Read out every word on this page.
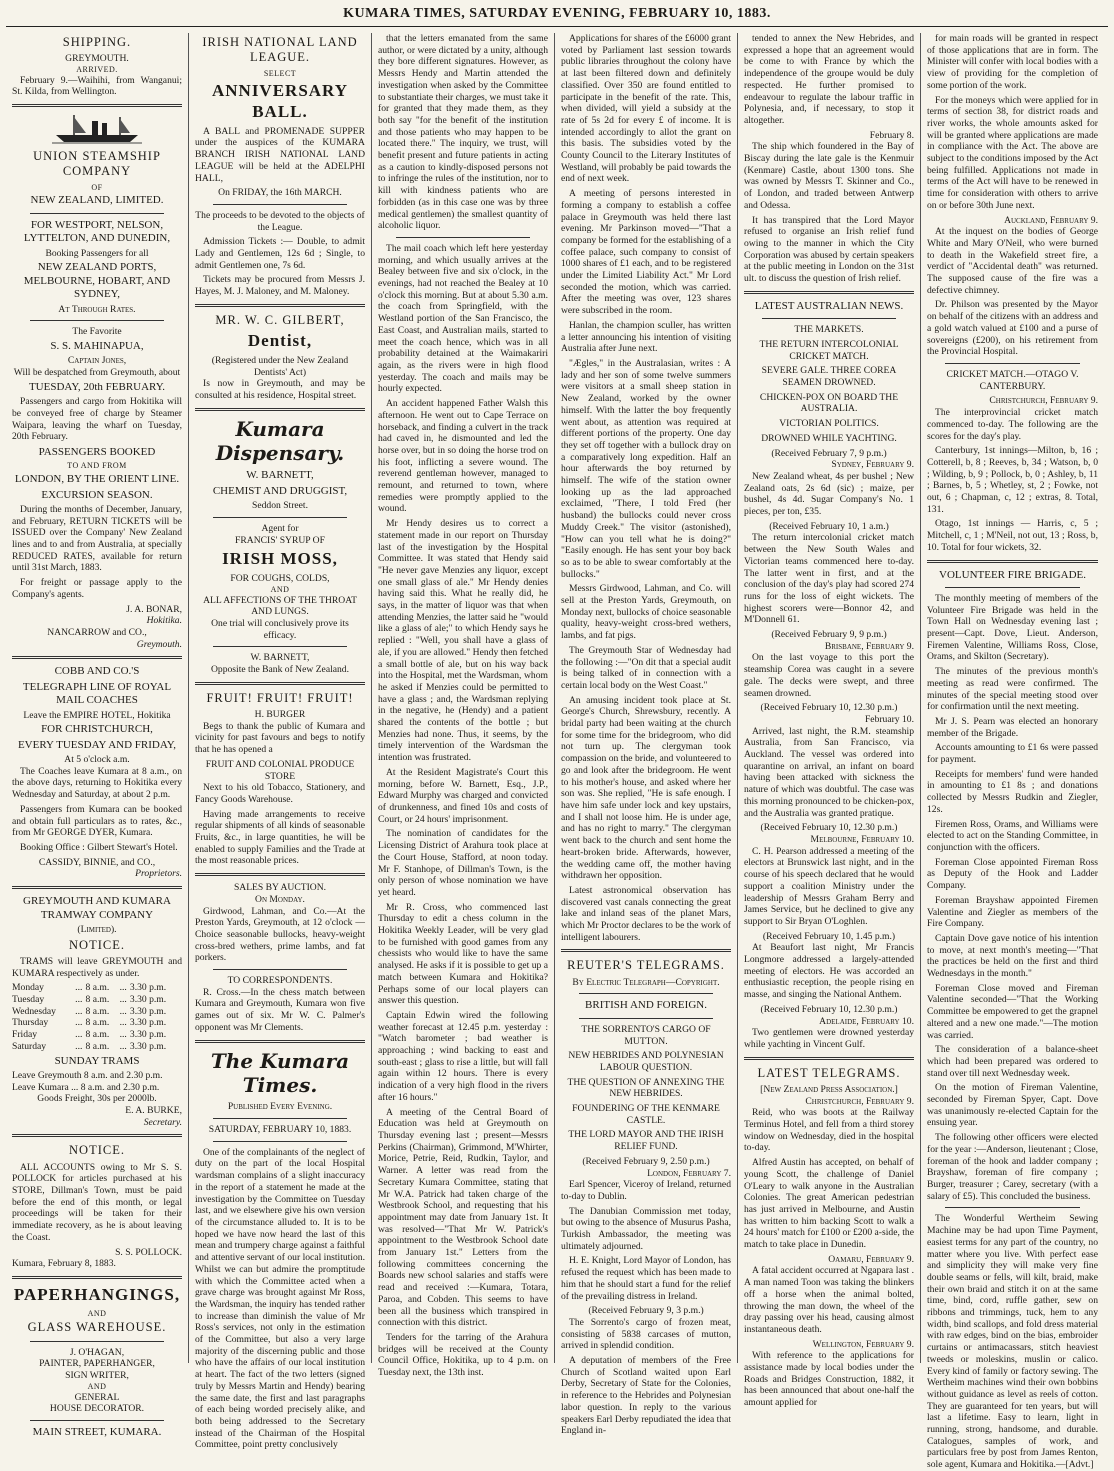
KUMARA TIMES, SATURDAY EVENING, FEBRUARY 10, 1883.
SHIPPING.
GREYMOUTH.
ARRIVED.

February 9.—Waihihi, from Wanganui; St. Kilda, from Wellington.

UNION STEAMSHIP COMPANY
OF
NEW ZEALAND, LIMITED.
FOR WESTPORT, NELSON, LYTTELTON, AND DUNEDIN,
Booking Passengers for all
NEW ZEALAND PORTS, MELBOURNE, HOBART, AND SYDNEY,
At Through Rates.
The Favorite
S. S. MAHINAPUA,
Captain Jones,
Will be despatched from Greymouth, about
TUESDAY, 20th FEBRUARY.

Passengers and cargo from Hokitika will be conveyed free of charge by Steamer Waipara, leaving the wharf on Tuesday, 20th February.

PASSENGERS BOOKED
TO AND FROM
LONDON, BY THE ORIENT LINE.
EXCURSION SEASON.

During the months of December, January, and February, RETURN TICKETS will be ISSUED over the Company' New Zealand lines and to and from Australia, at specially REDUCED RATES, available for return until 31st March, 1883.

For freight or passage apply to the Company's agents.

J. A. BONAR,
Hokitika.
NANCARROW and CO.,
Greymouth.
COBB AND CO.'S
TELEGRAPH LINE OF ROYAL MAIL COACHES
Leave the EMPIRE HOTEL, Hokitika
FOR CHRISTCHURCH,
EVERY TUESDAY AND FRIDAY,
At 5 o'clock a.m.

The Coaches leave Kumara at 8 a.m., on the above days, returning to Hokitika every Wednesday and Saturday, at about 2 p.m.

Passengers from Kumara can be booked and obtain full particulars as to rates, &c., from Mr GEORGE DYER, Kumara.

Booking Office : Gilbert Stewart's Hotel.

CASSIDY, BINNIE, and CO.,
Proprietors.
GREYMOUTH AND KUMARA TRAMWAY COMPANY
(Limited).
NOTICE.

TRAMS will leave GREYMOUTH and KUMARA respectively as under.

Monday	...	8 a.m.	...	3.30 p.m.
Tuesday	...	8 a.m.	...	3.30 p.m.
Wednesday	...	8 a.m.	...	3.30 p.m.
Thursday	...	8 a.m.	...	3.30 p.m.
Friday	...	8 a.m.	...	3.30 p.m.
Saturday	...	8 a.m.	...	3.30 p.m.
SUNDAY TRAMS
Leave Greymouth 8 a.m. and 2.30 p.m.
Leave Kumara ... 8 a.m. and 2.30 p.m.
Goods Freight, 30s per 2000lb.
E. A. BURKE,
Secretary.
NOTICE.

ALL ACCOUNTS owing to Mr S. S. POLLOCK for articles purchased at his STORE, Dillman's Town, must be paid before the end of this month, or legal proceedings will be taken for their immediate recovery, as he is about leaving the Coast.

S. S. POLLOCK.
Kumara, February 8, 1883.
PAPERHANGINGS,
AND
GLASS WAREHOUSE.
J. O'HAGAN,
PAINTER, PAPERHANGER,
SIGN WRITER,
AND
GENERAL
HOUSE DECORATOR.
MAIN STREET, KUMARA.
IRISH NATIONAL LAND LEAGUE.
SELECT
ANNIVERSARY BALL.

A BALL and PROMENADE SUPPER under the auspices of the KUMARA BRANCH IRISH NATIONAL LAND LEAGUE will be held at the ADELPHI HALL,

On FRIDAY, the 16th MARCH.

The proceeds to be devoted to the objects of the League.

Admission Tickets :— Double, to admit Lady and Gentlemen, 12s 6d ; Single, to admit Gentlemen one, 7s 6d.

Tickets may be procured from Messrs J. Hayes, M. J. Maloney, and M. Maloney.

MR. W. C. GILBERT,
Dentist,
(Registered under the New Zealand Dentists' Act)

Is now in Greymouth, and may be consulted at his residence, Hospital street.

Kumara Dispensary.
W. BARNETT,
CHEMIST AND DRUGGIST,
Seddon Street.
Agent for
FRANCIS' SYRUP OF
IRISH MOSS,
FOR COUGHS, COLDS,
AND
ALL AFFECTIONS OF THE THROAT AND LUNGS.
One trial will conclusively prove its efficacy.
W. BARNETT,
Opposite the Bank of New Zealand.
FRUIT! FRUIT! FRUIT!
H. BURGER

Begs to thank the public of Kumara and vicinity for past favours and begs to notify that he has opened a

FRUIT AND COLONIAL PRODUCE STORE

Next to his old Tobacco, Stationery, and Fancy Goods Warehouse.

Having made arrangements to receive regular shipments of all kinds of seasonable Fruits, &c., in large quantities, he will be enabled to supply Families and the Trade at the most reasonable prices.

SALES BY AUCTION.
On Monday.

Girdwood, Lahman, and Co.—At the Preston Yards, Greymouth, at 12 o'clock — Choice seasonable bullocks, heavy-weight cross-bred wethers, prime lambs, and fat porkers.

TO CORRESPONDENTS.

R. Cross.—In the chess match between Kumara and Greymouth, Kumara won five games out of six. Mr W. C. Palmer's opponent was Mr Clements.

The Kumara Times.
Published Every Evening.
SATURDAY, FEBRUARY 10, 1883.

One of the complainants of the neglect of duty on the part of the local Hospital wardsman complains of a slight inaccuracy in the report of a statement he made at the investigation by the Committee on Tuesday last, and we elsewhere give his own version of the circumstance alluded to. It is to be hoped we have now heard the last of this mean and trumpery charge against a faithful and attentive servant of our local institution. Whilst we can but admire the promptitude with which the Committee acted when a grave charge was brought against Mr Ross, the Wardsman, the inquiry has tended rather to increase than diminish the value of Mr Ross's services, not only in the estimation of the Committee, but also a very large majority of the discerning public and those who have the affairs of our local institution at heart. The fact of the two letters (signed truly by Messrs Martin and Hendy) bearing the same date, the first and last paragraphs of each being worded precisely alike, and both being addressed to the Secretary instead of the Chairman of the Hospital Committee, point pretty conclusively

that the letters emanated from the same author, or were dictated by a unity, although they bore different signatures. However, as Messrs Hendy and Martin attended the investigation when asked by the Committee to substantiate their charges, we must take it for granted that they made them, as they both say "for the benefit of the institution and those patients who may happen to be located there." The inquiry, we trust, will benefit present and future patients in acting as a caution to kindly-disposed persons not to infringe the rules of the institution, nor to kill with kindness patients who are forbidden (as in this case one was by three medical gentlemen) the smallest quantity of alcoholic liquor.

The mail coach which left here yesterday morning, and which usually arrives at the Bealey between five and six o'clock, in the evenings, had not reached the Bealey at 10 o'clock this morning. But at about 5.30 a.m. the coach from Springfield, with the Westland portion of the San Francisco, the East Coast, and Australian mails, started to meet the coach hence, which was in all probability detained at the Waimakariri again, as the rivers were in high flood yesterday. The coach and mails may be hourly expected.

An accident happened Father Walsh this afternoon. He went out to Cape Terrace on horseback, and finding a culvert in the track had caved in, he dismounted and led the horse over, but in so doing the horse trod on his foot, inflicting a severe wound. The reverend gentleman however, managed to remount, and returned to town, where remedies were promptly applied to the wound.

Mr Hendy desires us to correct a statement made in our report on Thursday last of the investigation by the Hospital Committee. It was stated that Hendy said "He never gave Menzies any liquor, except one small glass of ale." Mr Hendy denies having said this. What he really did, he says, in the matter of liquor was that when attending Menzies, the latter said he "would like a glass of ale;" to which Hendy says he replied : "Well, you shall have a glass of ale, if you are allowed." Hendy then fetched a small bottle of ale, but on his way back into the Hospital, met the Wardsman, whom he asked if Menzies could be permitted to have a glass ; and, the Wardsman replying in the negative, he (Hendy) and a patient shared the contents of the bottle ; but Menzies had none. Thus, it seems, by the timely intervention of the Wardsman the intention was frustrated.

At the Resident Magistrate's Court this morning, before W. Barnett, Esq., J.P., Edward Murphy was charged and convicted of drunkenness, and fined 10s and costs of Court, or 24 hours' imprisonment.

The nomination of candidates for the Licensing District of Arahura took place at the Court House, Stafford, at noon today. Mr F. Stanhope, of Dillman's Town, is the only person of whose nomination we have yet heard.

Mr R. Cross, who commenced last Thursday to edit a chess column in the Hokitika Weekly Leader, will be very glad to be furnished with good games from any chessists who would like to have the same analysed. He asks if it is possible to get up a match between Kumara and Hokitika? Perhaps some of our local players can answer this question.

Captain Edwin wired the following weather forecast at 12.45 p.m. yesterday : "Watch barometer ; bad weather is approaching ; wind backing to east and south-east ; glass to rise a little, but will fall again within 12 hours. There is every indication of a very high flood in the rivers after 16 hours."

A meeting of the Central Board of Education was held at Greymouth on Thursday evening last ; present—Messrs Perkins (Chairman), Grimmond, M'Whirter, Morice, Petrie, Reid, Rudkin, Taylor, and Warner. A letter was read from the Secretary Kumara Committee, stating that Mr W.A. Patrick had taken charge of the Westbrook School, and requesting that his appointment may date from January 1st. It was resolved—"That Mr W. Patrick's appointment to the Westbrook School date from January 1st." Letters from the following committees concerning the Boards new school salaries and staffs were read and received :—Kumara, Totara, Paroa, and Cobden. This seems to have been all the business which transpired in connection with this district.

Tenders for the tarring of the Arahura bridges will be received at the County Council Office, Hokitika, up to 4 p.m. on Tuesday next, the 13th inst.

Applications for shares of the £6000 grant voted by Parliament last session towards public libraries throughout the colony have at last been filtered down and definitely classified. Over 350 are found entitled to participate in the benefit of the rate. This, when divided, will yield a subsidy at the rate of 5s 2d for every £ of income. It is intended accordingly to allot the grant on this basis. The subsidies voted by the County Council to the Literary Institutes of Westland, will probably be paid towards the end of next week.

A meeting of persons interested in forming a company to establish a coffee palace in Greymouth was held there last evening. Mr Parkinson moved—"That a company be formed for the establishing of a coffee palace, such company to consist of 1000 shares of £1 each, and to be registered under the Limited Liability Act." Mr Lord seconded the motion, which was carried. After the meeting was over, 123 shares were subscribed in the room.

Hanlan, the champion sculler, has written a letter announcing his intention of visiting Australia after June next.

"Ægles," in the Australasian, writes : A lady and her son of some twelve summers were visitors at a small sheep station in New Zealand, worked by the owner himself. With the latter the boy frequently went about, as attention was required at different portions of the property. One day they set off together with a bullock dray on a comparatively long expedition. Half an hour afterwards the boy returned by himself. The wife of the station owner looking up as the lad approached exclaimed, "There, I told Fred (her husband) the bullocks could never cross Muddy Creek." The visitor (astonished), "How can you tell what he is doing?" "Easily enough. He has sent your boy back so as to be able to swear comfortably at the bullocks."

Messrs Girdwood, Lahman, and Co. will sell at the Preston Yards, Greymouth, on Monday next, bullocks of choice seasonable quality, heavy-weight cross-bred wethers, lambs, and fat pigs.

The Greymouth Star of Wednesday had the following :—"On dit that a special audit is being talked of in connection with a certain local body on the West Coast."

An amusing incident took place at St. George's Church, Shrewsbury, recently. A bridal party had been waiting at the church for some time for the bridegroom, who did not turn up. The clergyman took compassion on the bride, and volunteered to go and look after the bridegroom. He went to his mother's house, and asked where her son was. She replied, "He is safe enough. I have him safe under lock and key upstairs, and I shall not loose him. He is under age, and has no right to marry." The clergyman went back to the church and sent home the heart-broken bride. Afterwards, however, the wedding came off, the mother having withdrawn her opposition.

Latest astronomical observation has discovered vast canals connecting the great lake and inland seas of the planet Mars, which Mr Proctor declares to be the work of intelligent labourers.

REUTER'S TELEGRAMS.
By Electric Telegraph—Copyright.
BRITISH AND FOREIGN.

THE SORRENTO'S CARGO OF MUTTON.

NEW HEBRIDES AND POLYNESIAN LABOUR QUESTION.

THE QUESTION OF ANNEXING THE NEW HEBRIDES.

FOUNDERING OF THE KENMARE CASTLE.

THE LORD MAYOR AND THE IRISH RELIEF FUND.

(Received February 9, 2.50 p.m.)
London, February 7.

Earl Spencer, Viceroy of Ireland, returned to-day to Dublin.

The Danubian Commission met today, but owing to the absence of Musurus Pasha, Turkish Ambassador, the meeting was ultimately adjourned.

H. E. Knight, Lord Mayor of London, has refused the request which has been made to him that he should start a fund for the relief of the prevailing distress in Ireland.

(Received February 9, 3 p.m.)

The Sorrento's cargo of frozen meat, consisting of 5838 carcases of mutton, arrived in splendid condition.

A deputation of members of the Free Church of Scotland waited upon Earl Derby, Secretary of State for the Colonies, in reference to the Hebrides and Polynesian labor question. In reply to the various speakers Earl Derby repudiated the idea that England in-

tended to annex the New Hebrides, and expressed a hope that an agreement would be come to with France by which the independence of the groupe would be duly respected. He further promised to endeavour to regulate the labour traffic in Polynesia, and, if necessary, to stop it altogether.

February 8.

The ship which foundered in the Bay of Biscay during the late gale is the Kenmuir (Kenmare) Castle, about 1300 tons. She was owned by Messrs T. Skinner and Co., of London, and traded between Antwerp and Odessa.

It has transpired that the Lord Mayor refused to organise an Irish relief fund owing to the manner in which the City Corporation was abused by certain speakers at the public meeting in London on the 31st ult. to discuss the question of Irish relief.

LATEST AUSTRALIAN NEWS.

THE MARKETS.

THE RETURN INTERCOLONIAL CRICKET MATCH.

SEVERE GALE. THREE COREA SEAMEN DROWNED.

CHICKEN-POX ON BOARD THE AUSTRALIA.

VICTORIAN POLITICS.

DROWNED WHILE YACHTING.

(Received February 7, 9 p.m.)
Sydney, February 9.

New Zealand wheat, 4s per bushel ; New Zealand oats, 2s 6d (sic) ; maize, per bushel, 4s 4d. Sugar Company's No. 1 pieces, per ton, £35.

(Received February 10, 1 a.m.)

The return intercolonial cricket match between the New South Wales and Victorian teams commenced here to-day. The latter went in first, and at the conclusion of the day's play had scored 274 runs for the loss of eight wickets. The highest scorers were—Bonnor 42, and M'Donnell 61.

(Received February 9, 9 p.m.)
Brisbane, February 9.

On the last voyage to this port the steamship Corea was caught in a severe gale. The decks were swept, and three seamen drowned.

(Received February 10, 12.30 p.m.)
February 10.

Arrived, last night, the R.M. steamship Australia, from San Francisco, via Auckland. The vessel was ordered into quarantine on arrival, an infant on board having been attacked with sickness the nature of which was doubtful. The case was this morning pronounced to be chicken-pox, and the Australia was granted pratique.

(Received February 10, 12.30 p.m.)
Melbourne, February 10.

C. H. Pearson addressed a meeting of the electors at Brunswick last night, and in the course of his speech declared that he would support a coalition Ministry under the leadership of Messrs Graham Berry and James Service, but he declined to give any support to Sir Bryan O'Loghlen.

(Received February 10, 1.45 p.m.)

At Beaufort last night, Mr Francis Longmore addressed a largely-attended meeting of electors. He was accorded an enthusiastic reception, the people rising en masse, and singing the National Anthem.

(Received February 10, 12.30 p.m.)
Adelaide, February 10.

Two gentlemen were drowned yesterday while yachting in Vincent Gulf.

LATEST TELEGRAMS.
[New Zealand Press Association.]
Christchurch, February 9.

Reid, who was boots at the Railway Terminus Hotel, and fell from a third storey window on Wednesday, died in the hospital to-day.

Alfred Austin has accepted, on behalf of young Scott, the challenge of Daniel O'Leary to walk anyone in the Australian Colonies. The great American pedestrian has just arrived in Melbourne, and Austin has written to him backing Scott to walk a 24 hours' match for £100 or £200 a-side, the match to take place in Dunedin.

Oamaru, February 9.

A fatal accident occurred at Ngapara last . A man named Toon was taking the blinkers off a horse when the animal bolted, throwing the man down, the wheel of the dray passing over his head, causing almost instantaneous death.

Wellington, February 9.

With reference to the applications for assistance made by local bodies under the Roads and Bridges Construction, 1882, it has been announced that about one-half the amount applied for

for main roads will be granted in respect of those applications that are in form. The Minister will confer with local bodies with a view of providing for the completion of some portion of the work.

For the moneys which were applied for in terms of section 38, for district roads and river works, the whole amounts asked for will be granted where applications are made in compliance with the Act. The above are subject to the conditions imposed by the Act being fulfilled. Applications not made in terms of the Act will have to be renewed in time for consideration with others to arrive on or before 30th June next.

Auckland, February 9.

At the inquest on the bodies of George White and Mary O'Neil, who were burned to death in the Wakefield street fire, a verdict of "Accidental death" was returned. The supposed cause of the fire was a defective chimney.

Dr. Philson was presented by the Mayor on behalf of the citizens with an address and a gold watch valued at £100 and a purse of sovereigns (£200), on his retirement from the Provincial Hospital.

CRICKET MATCH.—OTAGO V. CANTERBURY.

Christchurch, February 9.

The interprovincial cricket match commenced to-day. The following are the scores for the day's play.

Canterbury, 1st innings—Milton, b, 16 ; Cotterell, b, 8 ; Reeves, b, 34 ; Watson, b, 0 ; Wilding, b, 9 ; Pollock, b, 0 ; Ashley, b, 11 ; Barnes, b, 5 ; Whetley, st, 2 ; Fowke, not out, 6 ; Chapman, c, 12 ; extras, 8. Total, 131.

Otago, 1st innings — Harris, c, 5 ; Mitchell, c, 1 ; M'Neil, not out, 13 ; Ross, b, 10. Total for four wickets, 32.

VOLUNTEER FIRE BRIGADE.

The monthly meeting of members of the Volunteer Fire Brigade was held in the Town Hall on Wednesday evening last ; present—Capt. Dove, Lieut. Anderson, Firemen Valentine, Williams Ross, Close, Orams, and Skilton (Secretary).

The minutes of the previous month's meeting as read were confirmed. The minutes of the special meeting stood over for confirmation until the next meeting.

Mr J. S. Pearn was elected an honorary member of the Brigade.

Accounts amounting to £1 6s were passed for payment.

Receipts for members' fund were handed in amounting to £1 8s ; and donations collected by Messrs Rudkin and Ziegler, 12s.

Firemen Ross, Orams, and Williams were elected to act on the Standing Committee, in conjunction with the officers.

Foreman Close appointed Fireman Ross as Deputy of the Hook and Ladder Company.

Foreman Brayshaw appointed Firemen Valentine and Ziegler as members of the Fire Company.

Captain Dove gave notice of his intention to move, at next month's meeting—"That the practices be held on the first and third Wednesdays in the month."

Foreman Close moved and Fireman Valentine seconded—"That the Working Committee be empowered to get the grapnel altered and a new one made."—The motion was carried.

The consideration of a balance-sheet which had been prepared was ordered to stand over till next Wednesday week.

On the motion of Fireman Valentine, seconded by Fireman Spyer, Capt. Dove was unanimously re-elected Captain for the ensuing year.

The following other officers were elected for the year :—Anderson, lieutenant ; Close, foreman of the hook and ladder company ; Brayshaw, foreman of fire company ; Burger, treasurer ; Carey, secretary (with a salary of £5). This concluded the business.

The Wonderful Wertheim Sewing Machine may be had upon Time Payment, easiest terms for any part of the country, no matter where you live. With perfect ease and simplicity they will make very fine double seams or fells, will kilt, braid, make their own braid and stitch it on at the same time, bind, cord, ruffle gather, sew on ribbons and trimmings, tuck, hem to any width, bind scallops, and fold dress material with raw edges, bind on the bias, embroider curtains or antimacassars, stitch heaviest tweeds or moleskins, muslin or calico. Every kind of family or factory sewing. The Wertheim machines wind their own bobbins without guidance as level as reels of cotton. They are guaranteed for ten years, but will last a lifetime. Easy to learn, light in running, strong, handsome, and durable. Catalogues, samples of work, and particulars free by post from James Renton, sole agent, Kumara and Hokitika.—[Advt.]
